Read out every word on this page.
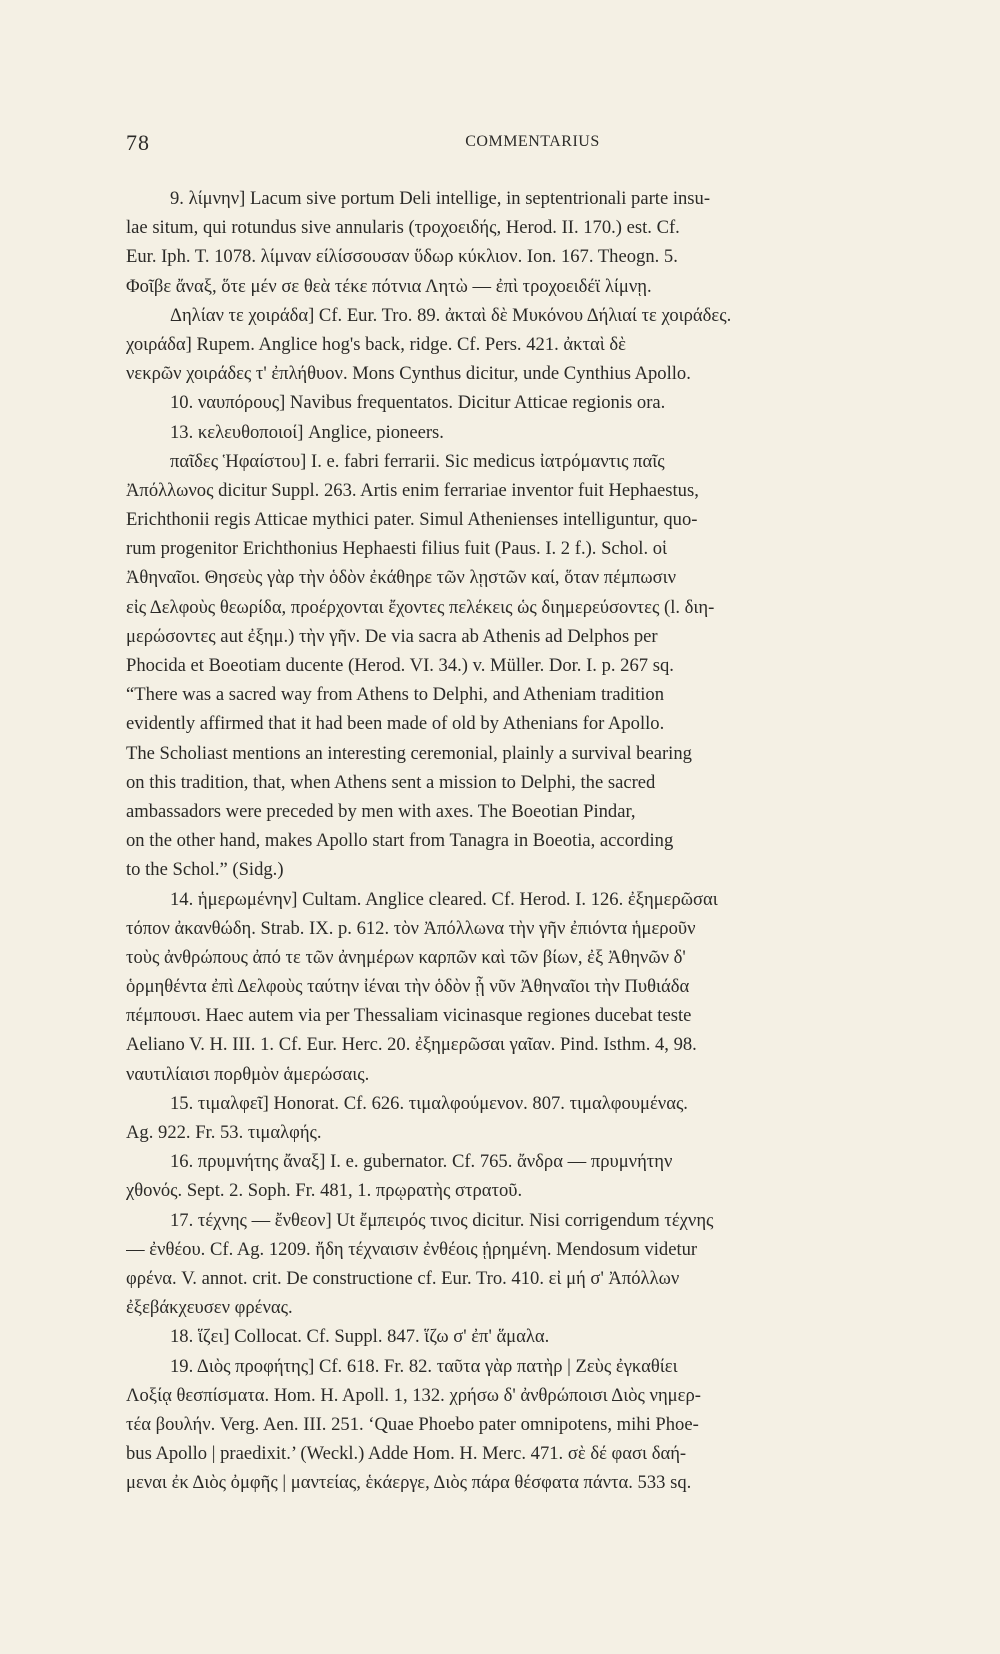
78	COMMENTARIUS
9. λίμνην] Lacum sive portum Deli intellige, in septentrionali parte insu-
lae situm, qui rotundus sive annularis (τροχοειδής, Herod. II. 170.) est. Cf.
Eur. Iph. T. 1078. λίμναν είλίσσουσαν ὕδωρ κύκλιον. Ion. 167. Theogn. 5.
Φοῖβε ἄναξ, ὅτε μέν σε θεὰ τέκε πότνια Λητὼ — ἐπὶ τροχοειδέϊ λίμνῃ.
Δηλίαν τε χοιράδα] Cf. Eur. Tro. 89. ἀκταὶ δὲ Μυκόνου Δήλιαί τε χοιράδες.
χοιράδα] Rupem. Anglice hog's back, ridge. Cf. Pers. 421. ἀκταὶ δὲ
νεκρῶν χοιράδες τ' ἐπλήθυον. Mons Cynthus dicitur, unde Cynthius Apollo.
10. ναυπόρους] Navibus frequentatos. Dicitur Atticae regionis ora.
13. κελευθοποιοί] Anglice, pioneers.
παῖδες Ἡφαίστου] I. e. fabri ferrarii. Sic medicus ἰατρόμαντις παῖς
Ἀπόλλωνος dicitur Suppl. 263. Artis enim ferrariae inventor fuit Hephaestus,
Erichthonii regis Atticae mythici pater. Simul Athenienses intelliguntur, quo-
rum progenitor Erichthonius Hephaesti filius fuit (Paus. I. 2 f.). Schol. οἱ
Ἀθηναῖοι. Θησεὺς γὰρ τὴν ὁδὸν ἐκάθηρε τῶν λῃστῶν καί, ὅταν πέμπωσιν
εἰς Δελφοὺς θεωρίδα, προέρχονται ἔχοντες πελέκεις ὡς διημερεύσοντες (l. διη-
μερώσοντες aut ἐξημ.) τὴν γῆν. De via sacra ab Athenis ad Delphos per
Phocida et Boeotiam ducente (Herod. VI. 34.) v. Müller. Dor. I. p. 267 sq.
“There was a sacred way from Athens to Delphi, and Atheniam tradition
evidently affirmed that it had been made of old by Athenians for Apollo.
The Scholiast mentions an interesting ceremonial, plainly a survival bearing
on this tradition, that, when Athens sent a mission to Delphi, the sacred
ambassadors were preceded by men with axes. The Boeotian Pindar,
on the other hand, makes Apollo start from Tanagra in Boeotia, according
to the Schol.” (Sidg.)
14. ἡμερωμένην] Cultam. Anglice cleared. Cf. Herod. I. 126. ἐξημερῶσαι
τόπον ἀκανθώδη. Strab. IX. p. 612. τὸν Ἀπόλλωνα τὴν γῆν ἐπιόντα ἡμεροῦν
τοὺς ἀνθρώπους ἀπό τε τῶν ἀνημέρων καρπῶν καὶ τῶν βίων, ἐξ Ἀθηνῶν δ'
ὁρμηθέντα ἐπὶ Δελφοὺς ταύτην ἰέναι τὴν ὁδὸν ᾗ νῦν Ἀθηναῖοι τὴν Πυθιάδα
πέμπουσι. Haec autem via per Thessaliam vicinasque regiones ducebat teste
Aeliano V. H. III. 1. Cf. Eur. Herc. 20. ἐξημερῶσαι γαῖαν. Pind. Isthm. 4, 98.
ναυτιλίαισι πορθμὸν ἁμερώσαις.
15. τιμαλφεῖ] Honorat. Cf. 626. τιμαλφούμενον. 807. τιμαλφουμένας.
Ag. 922. Fr. 53. τιμαλφής.
16. πρυμνήτης ἄναξ] I. e. gubernator. Cf. 765. ἄνδρα — πρυμνήτην
χθονός. Sept. 2. Soph. Fr. 481, 1. πρῳρατὴς στρατοῦ.
17. τέχνης — ἔνθεον] Ut ἔμπειρός τινος dicitur. Nisi corrigendum τέχνης
— ἐνθέου. Cf. Ag. 1209. ἤδη τέχναισιν ἐνθέοις ᾑρημένη. Mendosum videtur
φρένα. V. annot. crit. De constructione cf. Eur. Tro. 410. εἰ μή σ' Ἀπόλλων
ἐξεβάκχευσεν φρένας.
18. ἵζει] Collocat. Cf. Suppl. 847. ἵζω σ' ἐπ' ἅμαλα.
19. Διὸς προφήτης] Cf. 618. Fr. 82. ταῦτα γὰρ πατὴρ | Ζεὺς ἐγκαθίει
Λοξίᾳ θεσπίσματα. Hom. H. Apoll. 1, 132. χρήσω δ' ἀνθρώποισι Διὸς νημερ-
τέα βουλήν. Verg. Aen. III. 251. ‘Quae Phoebo pater omnipotens, mihi Phoe-
bus Apollo | praedixit.’ (Weckl.) Adde Hom. H. Merc. 471. σὲ δέ φασι δαή-
μεναι ἐκ Διὸς ὀμφῆς | μαντείας, ἑκάεργε, Διὸς πάρα θέσφατα πάντα. 533 sq.
